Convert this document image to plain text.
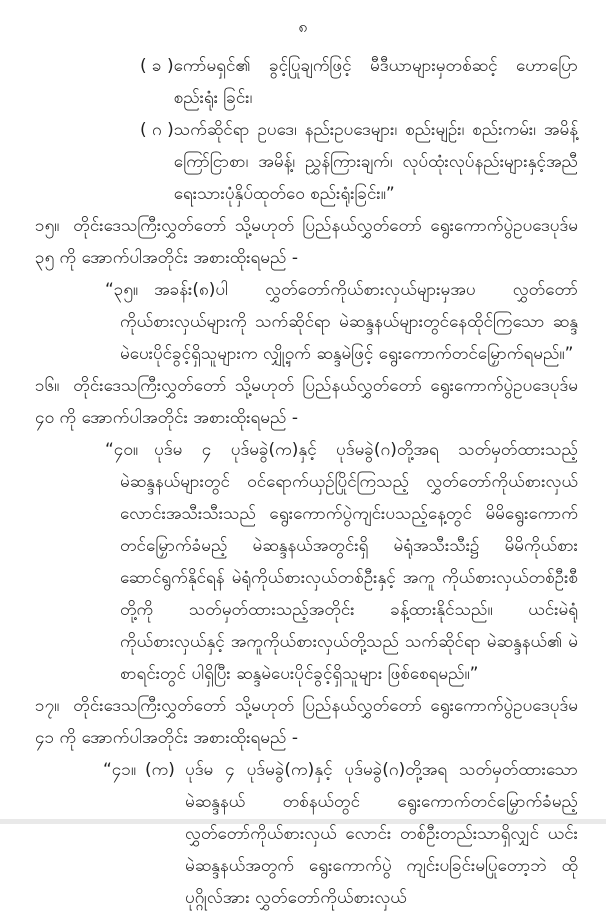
၈
( ခ ) ကော်မရှင်၏ ခွင့်ပြုချက်ဖြင့် မီဒီယာများမှတစ်ဆင့် ဟောပြောစည်းရုံး ခြင်း၊
( ဂ ) သက်ဆိုင်ရာ ဥပဒေ၊ နည်းဥပဒေများ၊ စည်းမျဉ်း၊ စည်းကမ်း၊ အမိန့် ကြော်ငြာစာ၊ အမိန့်၊ ညွှန်ကြားချက်၊ လုပ်ထုံးလုပ်နည်းများနှင့်အညီ ရေးသားပုံနှိပ်ထုတ်ဝေ စည်းရုံးခြင်း။”
၁၅။ တိုင်းဒေသကြီးလွှတ်တော် သို့မဟုတ် ပြည်နယ်လွှတ်တော် ရွေးကောက်ပွဲဥပဒေပုဒ်မ ၃၅ ကို အောက်ပါအတိုင်း အစားထိုးရမည် -
“၃၅။ အခန်း(၈)ပါ လွှတ်တော်ကိုယ်စားလှယ်များမှအပ လွှတ်တော်ကိုယ်စားလှယ်များကို သက်ဆိုင်ရာ မဲဆန္ဒနယ်များတွင်နေထိုင်ကြသော ဆန္ဒမဲပေးပိုင်ခွင့်ရှိသူများက လျှို့ဝှက် ဆန္ဒမဲဖြင့် ရွေးကောက်တင်မြှောက်ရမည်။”
၁၆။ တိုင်းဒေသကြီးလွှတ်တော် သို့မဟုတ် ပြည်နယ်လွှတ်တော် ရွေးကောက်ပွဲဥပဒေပုဒ်မ ၄၀ ကို အောက်ပါအတိုင်း အစားထိုးရမည် -
“၄၀။ ပုဒ်မ ၄ ပုဒ်မခွဲ(က)နှင့် ပုဒ်မခွဲ(ဂ)တို့အရ သတ်မှတ်ထားသည့် မဲဆန္ဒနယ်များတွင် ဝင်ရောက်ယှဉ်ပြိုင်ကြသည့် လွှတ်တော်ကိုယ်စားလှယ်လောင်းအသီးသီးသည် ရွေးကောက်ပွဲကျင်းပသည့်နေ့တွင် မိမိရွေးကောက်တင်မြှောက်ခံမည့် မဲဆန္ဒနယ်အတွင်းရှိ မဲရုံအသီးသီး၌ မိမိကိုယ်စားဆောင်ရွက်နိုင်ရန် မဲရုံကိုယ်စားလှယ်တစ်ဦးနှင့် အကူ ကိုယ်စားလှယ်တစ်ဦးစီတို့ကို သတ်မှတ်ထားသည့်အတိုင်း ခန့်ထားနိုင်သည်။ ယင်းမဲရုံ ကိုယ်စားလှယ်နှင့် အကူကိုယ်စားလှယ်တို့သည် သက်ဆိုင်ရာ မဲဆန္ဒနယ်၏ မဲစာရင်းတွင် ပါရှိပြီး ဆန္ဒမဲပေးပိုင်ခွင့်ရှိသူများ ဖြစ်စေရမည်။”
၁၇။ တိုင်းဒေသကြီးလွှတ်တော် သို့မဟုတ် ပြည်နယ်လွှတ်တော် ရွေးကောက်ပွဲဥပဒေပုဒ်မ ၄၁ ကို အောက်ပါအတိုင်း အစားထိုးရမည် -
“၄၁။ (က) ပုဒ်မ ၄ ပုဒ်မခွဲ(က)နှင့် ပုဒ်မခွဲ(ဂ)တို့အရ သတ်မှတ်ထားသော မဲဆန္ဒနယ် တစ်နယ်တွင် ရွေးကောက်တင်မြှောက်ခံမည့် လွှတ်တော်ကိုယ်စားလှယ် လောင်း တစ်ဦးတည်းသာရှိလျှင် ယင်းမဲဆန္ဒနယ်အတွက် ရွေးကောက်ပွဲ ကျင်းပခြင်းမပြုတော့ဘဲ ထိုပုဂ္ဂိုလ်အား လွှတ်တော်ကိုယ်စားလှယ်
